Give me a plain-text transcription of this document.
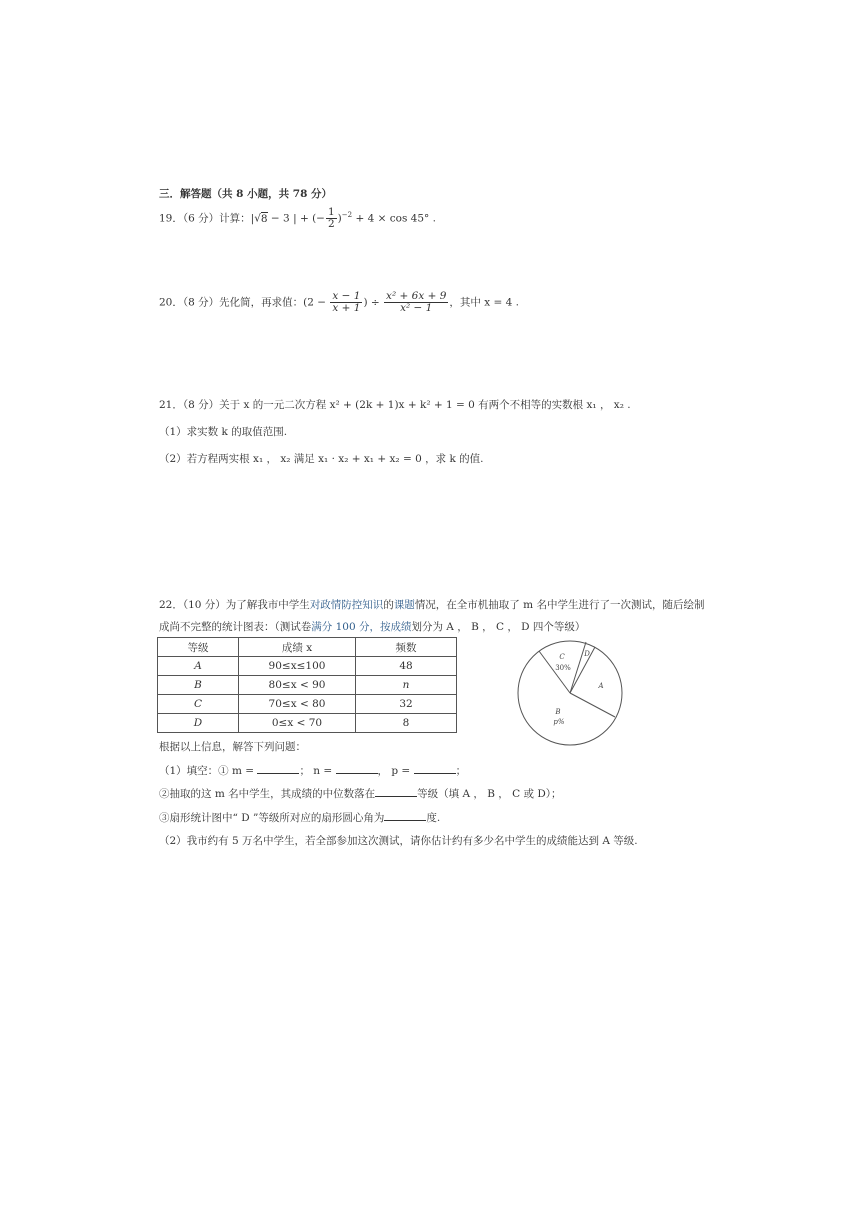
三．解答题（共 8 小题，共 78 分）
19．（6 分）计算：|√8 − 3 | + (− $\frac{1}{2} )^{-2} + 4 \times \cos 45^\circ$ .
20．（8 分）先化简，再求值：($2 - \frac{x - 1}{x + 1}$ ) ÷ $\frac{\text{x² + 6x + 9}}{\text{x² − 1}}$ ，其中 x = 4 .
21．（8 分）关于 x 的一元二次方程 x² + (2k + 1)x + k² + 1 = 0 有两个不相等的实数根 x₁ ， x₂ .
（1）求实数 k 的取值范围.
（2）若方程两实根 x₁ ， x₂ 满足 x₁ · x₂ + x₁ + x₂ = 0 ，求 k 的值.
22．（10 分）为了解我市中学生对政情防控知识的课题情况，在全市机抽取了 m 名中学生进行了一次测试，随后绘制
成尚不完整的统计图表：（测试卷满分 100 分，按成绩划分为 A ， B ， C ， D 四个等级）
等级	成绩 x	频数
A	90≤x≤100	48
B	80≤x < 90	n
C	70≤x < 80	32
D	0≤x < 70	8
C
30%
D
A
B
p%
根据以上信息，解答下列问题：
（1）填空：① m =	； n =	， p =	；
②抽取的这 m 名中学生，其成绩的中位数落在	等级（填 A ， B ， C 或 D）；
③扇形统计图中“ D ”等级所对应的扇形圆心角为	度.
（2）我市约有 5 万名中学生，若全部参加这次测试，请你估计约有多少名中学生的成绩能达到 A 等级.
